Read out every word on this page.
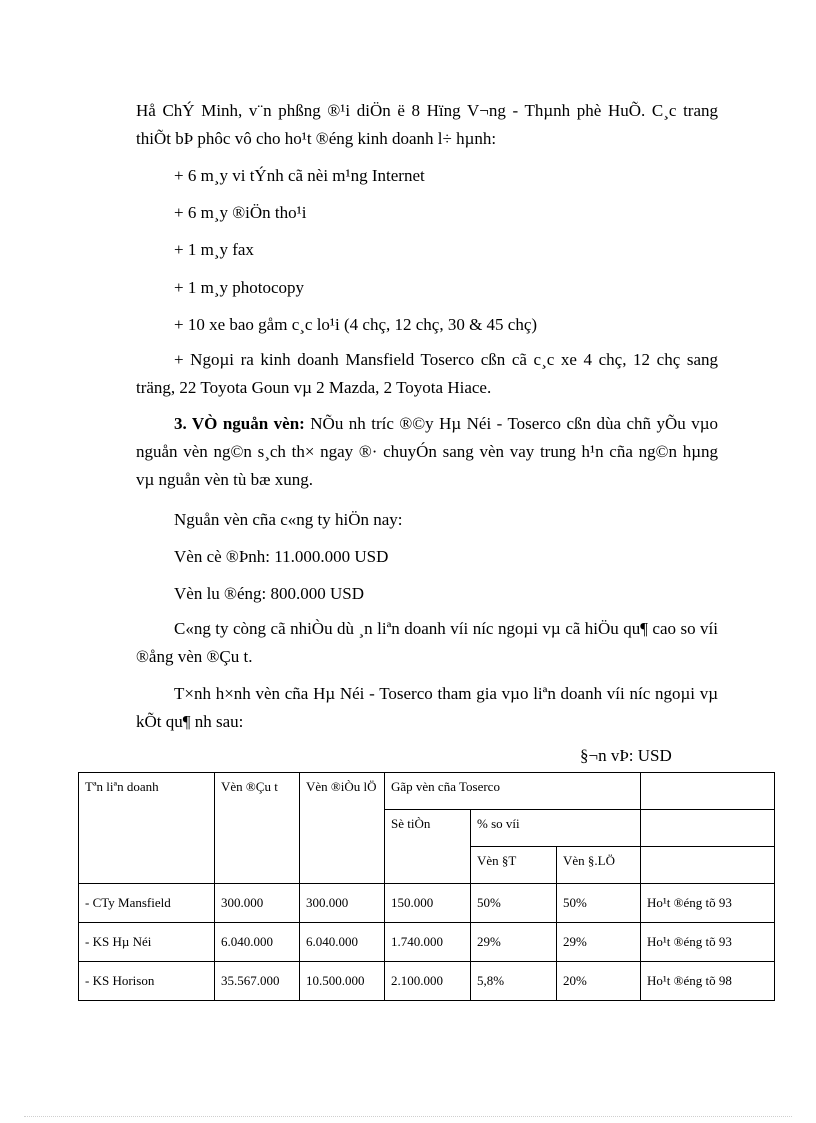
Hå ChÝ Minh, v¨n phßng ®¹i diÖn ë 8 Hïng V¬ng - Thµnh phè HuÕ. C¸c trang thiÕt bÞ phôc vô cho ho¹t ®éng kinh doanh l÷ hµnh:

+ 6 m¸y vi tÝnh cã nèi m¹ng Internet

+ 6 m¸y ®iÖn tho¹i

+ 1 m¸y fax

+ 1 m¸y photocopy

+ 10 xe bao gåm c¸c lo¹i (4 chç, 12 chç, 30 & 45 chç)

+ Ngoµi ra kinh doanh Mansfield Toserco cßn cã c¸c xe 4 chç, 12 chç sang träng, 22 Toyota Goun vµ 2 Mazda, 2 Toyota Hiace.

3. VÒ nguån vèn: NÕu nh tríc ®©y Hµ Néi - Toserco cßn dùa chñ yÕu vµo nguån vèn ng©n s¸ch th× ngay ®· chuyÓn sang vèn vay trung h¹n cña ng©n hµng vµ nguån vèn tù bæ xung.

Nguån vèn cña c«ng ty hiÖn nay:

Vèn cè ®Þnh: 11.000.000 USD

Vèn lu ®éng: 800.000 USD

C«ng ty còng cã nhiÒu dù ¸n liªn doanh víi níc ngoµi vµ cã hiÖu qu¶ cao so víi ®ång vèn ®Çu t.

T×nh h×nh vèn cña Hµ Néi - Toserco tham gia vµo liªn doanh víi níc ngoµi vµ kÕt qu¶ nh sau:

§¬n vÞ: USD
Tªn liªn doanh	Vèn ®Çu t	Vèn ®iÒu lÖ	Gãp vèn cña Toserco			
			Sè tiÒn	% so víi		
				Vèn §T	Vèn §.LÖ	
- CTy Mansfield	300.000	300.000	150.000	50%	50%	Ho¹t ®éng tõ 93
- KS Hµ Néi	6.040.000	6.040.000	1.740.000	29%	29%	Ho¹t ®éng tõ 93
- KS Horison	35.567.000	10.500.000	2.100.000	5,8%	20%	Ho¹t ®éng tõ 98
